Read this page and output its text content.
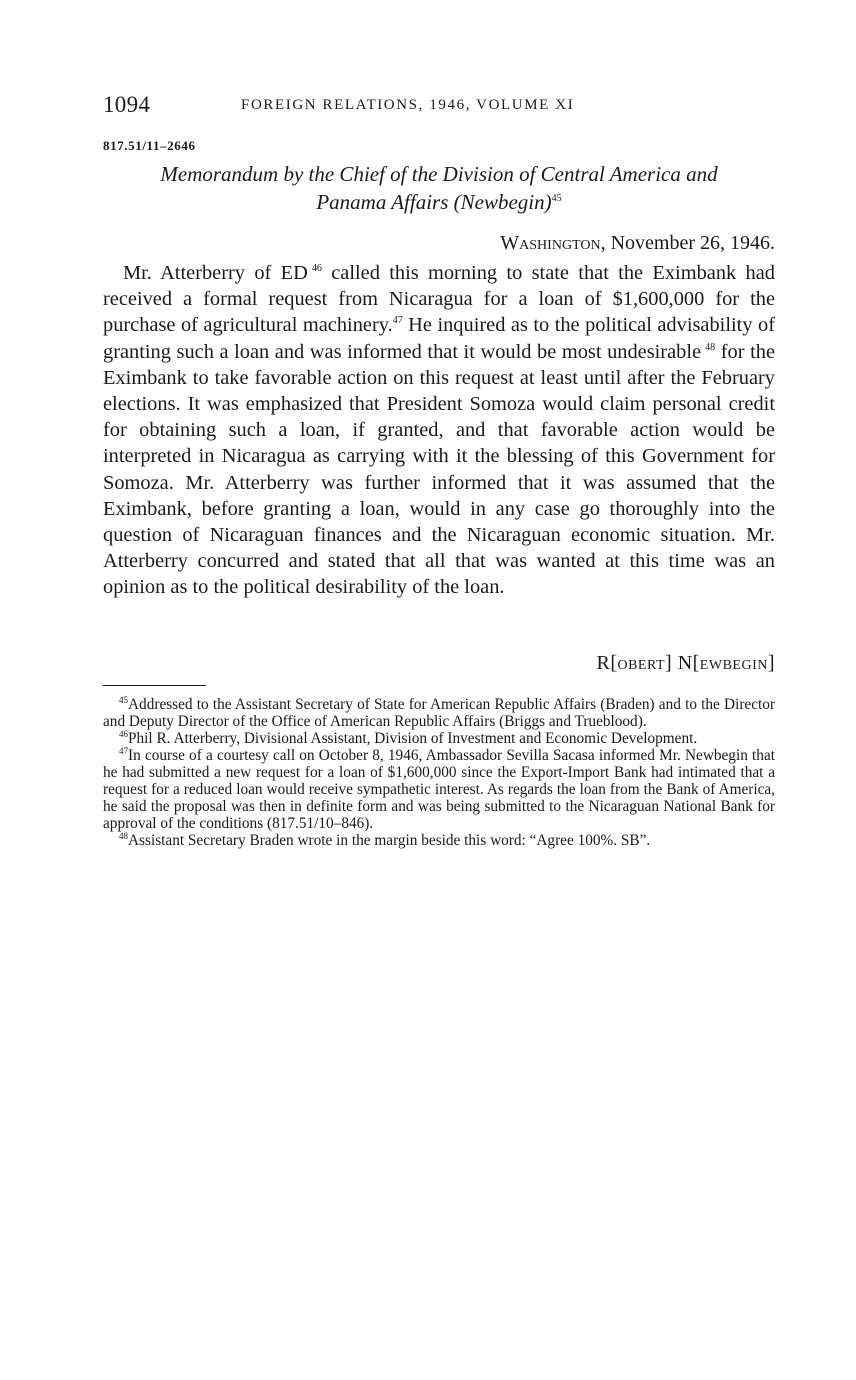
1094	FOREIGN RELATIONS, 1946, VOLUME XI
817.51/11–2646
Memorandum by the Chief of the Division of Central America and
Panama Affairs (Newbegin)$^{45}$
Washington, November 26, 1946.

Mr. Atterberry of ED  $^{46}$ called this morning to state that the Eximbank had received a formal request from Nicaragua for a loan of $1,600,000 for the purchase of agricultural machinery.$^{47}$ He inquired as to the political advisability of granting such a loan and was informed that it would be most undesirable  $^{48}$ for the Eximbank to take favorable action on this request at least until after the February elections. It was emphasized that President Somoza would claim personal credit for obtaining such a loan, if granted, and that favorable action would be interpreted in Nicaragua as carrying with it the blessing of this Government for Somoza. Mr. Atterberry was further informed that it was assumed that the Eximbank, before granting a loan, would in any case go thoroughly into the question of Nicaraguan finances and the Nicaraguan economic situation. Mr. Atterberry concurred and stated that all that was wanted at this time was an opinion as to the political desirability of the loan.

R[obert] N[ewbegin]

$^{45}$Addressed to the Assistant Secretary of State for American Republic Affairs (Braden) and to the Director and Deputy Director of the Office of American Republic Affairs (Briggs and Trueblood).

$^{46}$Phil R. Atterberry, Divisional Assistant, Division of Investment and Economic Development.

$^{47}$In course of a courtesy call on October 8, 1946, Ambassador Sevilla Sacasa informed Mr. Newbegin that he had submitted a new request for a loan of $1,600,000 since the Export-Import Bank had intimated that a request for a reduced loan would receive sympathetic interest. As regards the loan from the Bank of America, he said the proposal was then in definite form and was being submitted to the Nicaraguan National Bank for approval of the conditions (817.51/10–846).

$^{48}$Assistant Secretary Braden wrote in the margin beside this word: “Agree 100%. SB”.
